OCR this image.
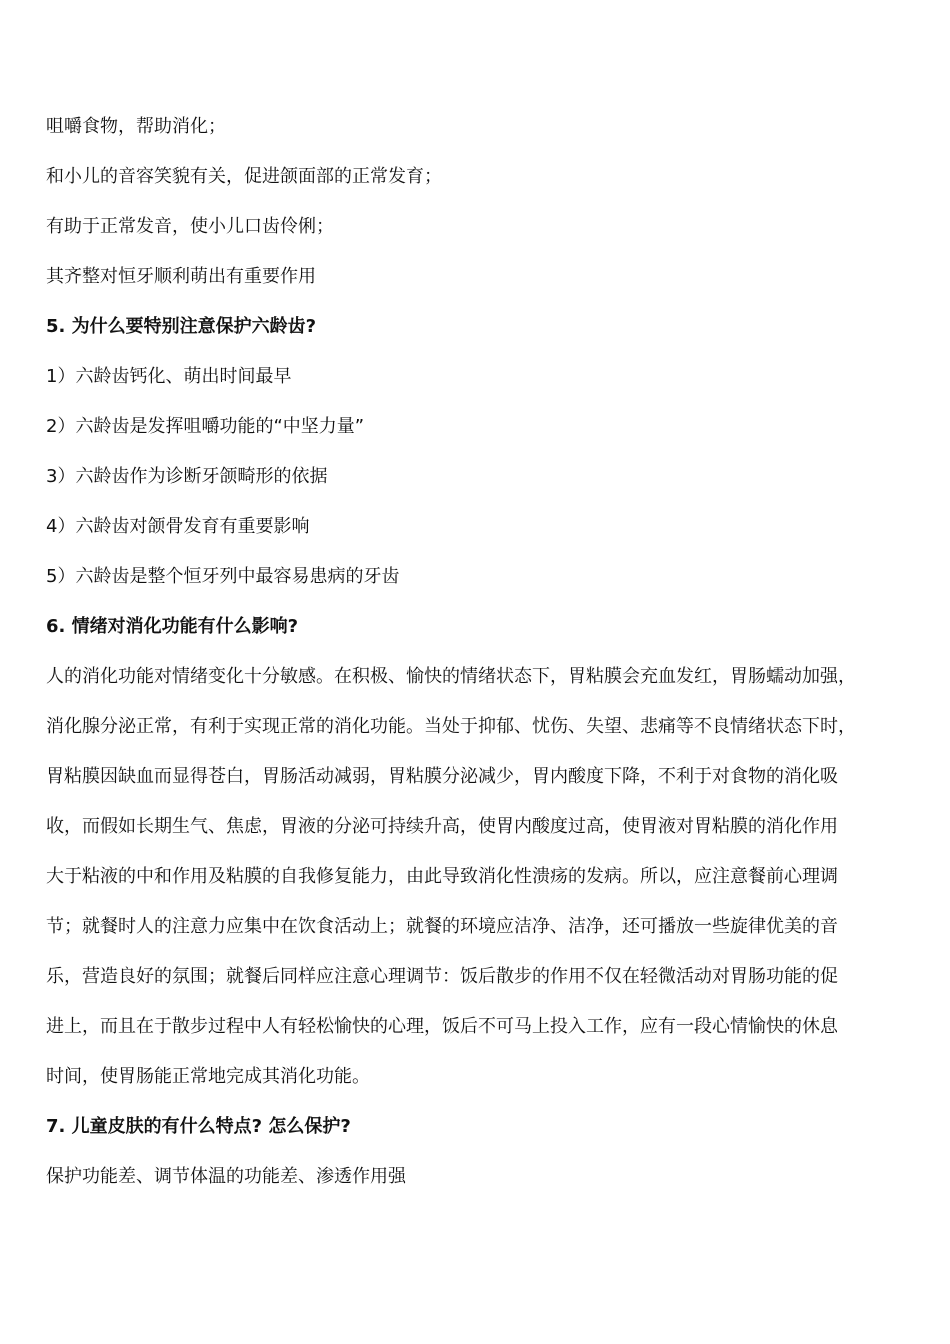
咀嚼食物，帮助消化；
和小儿的音容笑貌有关，促进颌面部的正常发育；
有助于正常发音，使小儿口齿伶俐；
其齐整对恒牙顺利萌出有重要作用
5. 为什么要特别注意保护六龄齿?
1）六龄齿钙化、萌出时间最早
2）六龄齿是发挥咀嚼功能的“中坚力量”
3）六龄齿作为诊断牙颌畸形的依据
4）六龄齿对颌骨发育有重要影响
5）六龄齿是整个恒牙列中最容易患病的牙齿
6. 情绪对消化功能有什么影响?
人的消化功能对情绪变化十分敏感。在积极、愉快的情绪状态下，胃粘膜会充血发红，胃肠蠕动加强，
消化腺分泌正常，有利于实现正常的消化功能。当处于抑郁、忧伤、失望、悲痛等不良情绪状态下时，
胃粘膜因缺血而显得苍白，胃肠活动减弱，胃粘膜分泌减少，胃内酸度下降，不利于对食物的消化吸
收，而假如长期生气、焦虑，胃液的分泌可持续升高，使胃内酸度过高，使胃液对胃粘膜的消化作用
大于粘液的中和作用及粘膜的自我修复能力，由此导致消化性溃疡的发病。所以，应注意餐前心理调
节；就餐时人的注意力应集中在饮食活动上；就餐的环境应洁净、洁净，还可播放一些旋律优美的音
乐，营造良好的氛围；就餐后同样应注意心理调节：饭后散步的作用不仅在轻微活动对胃肠功能的促
进上，而且在于散步过程中人有轻松愉快的心理，饭后不可马上投入工作，应有一段心情愉快的休息
时间，使胃肠能正常地完成其消化功能。
7. 儿童皮肤的有什么特点? 怎么保护?
保护功能差、调节体温的功能差、渗透作用强
